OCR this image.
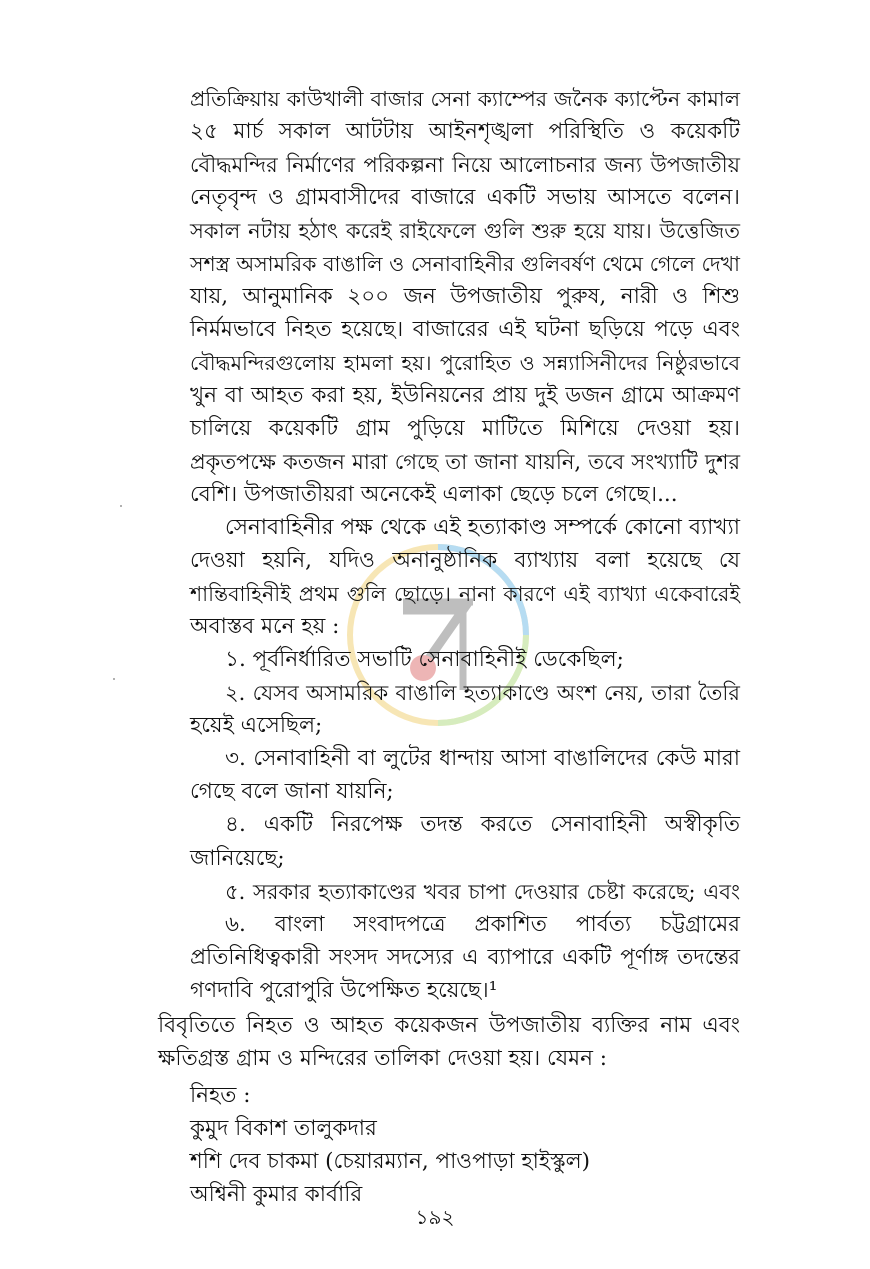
প্রতিক্রিয়ায় কাউখালী বাজার সেনা ক্যাম্পের জনৈক ক্যাপ্টেন কামাল
২৫ মার্চ সকাল আটটায় আইনশৃঙ্খলা পরিস্থিতি ও কয়েকটি
বৌদ্ধমন্দির নির্মাণের পরিকল্পনা নিয়ে আলোচনার জন্য উপজাতীয়
নেতৃবৃন্দ ও গ্রামবাসীদের বাজারে একটি সভায় আসতে বলেন।
সকাল নটায় হঠাৎ করেই রাইফেলে গুলি শুরু হয়ে যায়। উত্তেজিত
সশস্ত্র অসামরিক বাঙালি ও সেনাবাহিনীর গুলিবর্ষণ থেমে গেলে দেখা
যায়, আনুমানিক ২০০ জন উপজাতীয় পুরুষ, নারী ও শিশু
নির্মমভাবে নিহত হয়েছে। বাজারের এই ঘটনা ছড়িয়ে পড়ে এবং
বৌদ্ধমন্দিরগুলোয় হামলা হয়। পুরোহিত ও সন্ন্যাসিনীদের নিষ্ঠুরভাবে
খুন বা আহত করা হয়, ইউনিয়নের প্রায় দুই ডজন গ্রামে আক্রমণ
চালিয়ে কয়েকটি গ্রাম পুড়িয়ে মাটিতে মিশিয়ে দেওয়া হয়।
প্রকৃতপক্ষে কতজন মারা গেছে তা জানা যায়নি, তবে সংখ্যাটি দুশর
বেশি। উপজাতীয়রা অনেকেই এলাকা ছেড়ে চলে গেছে।...
সেনাবাহিনীর পক্ষ থেকে এই হত্যাকাণ্ড সম্পর্কে কোনো ব্যাখ্যা
দেওয়া হয়নি, যদিও অনানুষ্ঠানিক ব্যাখ্যায় বলা হয়েছে যে
শান্তিবাহিনীই প্রথম গুলি ছোড়ে। নানা কারণে এই ব্যাখ্যা একেবারেই
অবাস্তব মনে হয় :
১. পূর্বনির্ধারিত সভাটি সেনাবাহিনীই ডেকেছিল;
২. যেসব অসামরিক বাঙালি হত্যাকাণ্ডে অংশ নেয়, তারা তৈরি
হয়েই এসেছিল;
৩. সেনাবাহিনী বা লুটের ধান্দায় আসা বাঙালিদের কেউ মারা
গেছে বলে জানা যায়নি;
৪. একটি নিরপেক্ষ তদন্ত করতে সেনাবাহিনী অস্বীকৃতি
জানিয়েছে;
৫. সরকার হত্যাকাণ্ডের খবর চাপা দেওয়ার চেষ্টা করেছে; এবং
৬. বাংলা সংবাদপত্রে প্রকাশিত পার্বত্য চট্টগ্রামের
প্রতিনিধিত্বকারী সংসদ সদস্যের এ ব্যাপারে একটি পূর্ণাঙ্গ তদন্তের
গণদাবি পুরোপুরি উপেক্ষিত হয়েছে।¹
বিবৃতিতে নিহত ও আহত কয়েকজন উপজাতীয় ব্যক্তির নাম এবং
ক্ষতিগ্রস্ত গ্রাম ও মন্দিরের তালিকা দেওয়া হয়। যেমন :
নিহত :
কুমুদ বিকাশ তালুকদার
শশি দেব চাকমা (চেয়ারম্যান, পাওপাড়া হাইস্কুল)
অশ্বিনী কুমার কার্বারি
১৯২
